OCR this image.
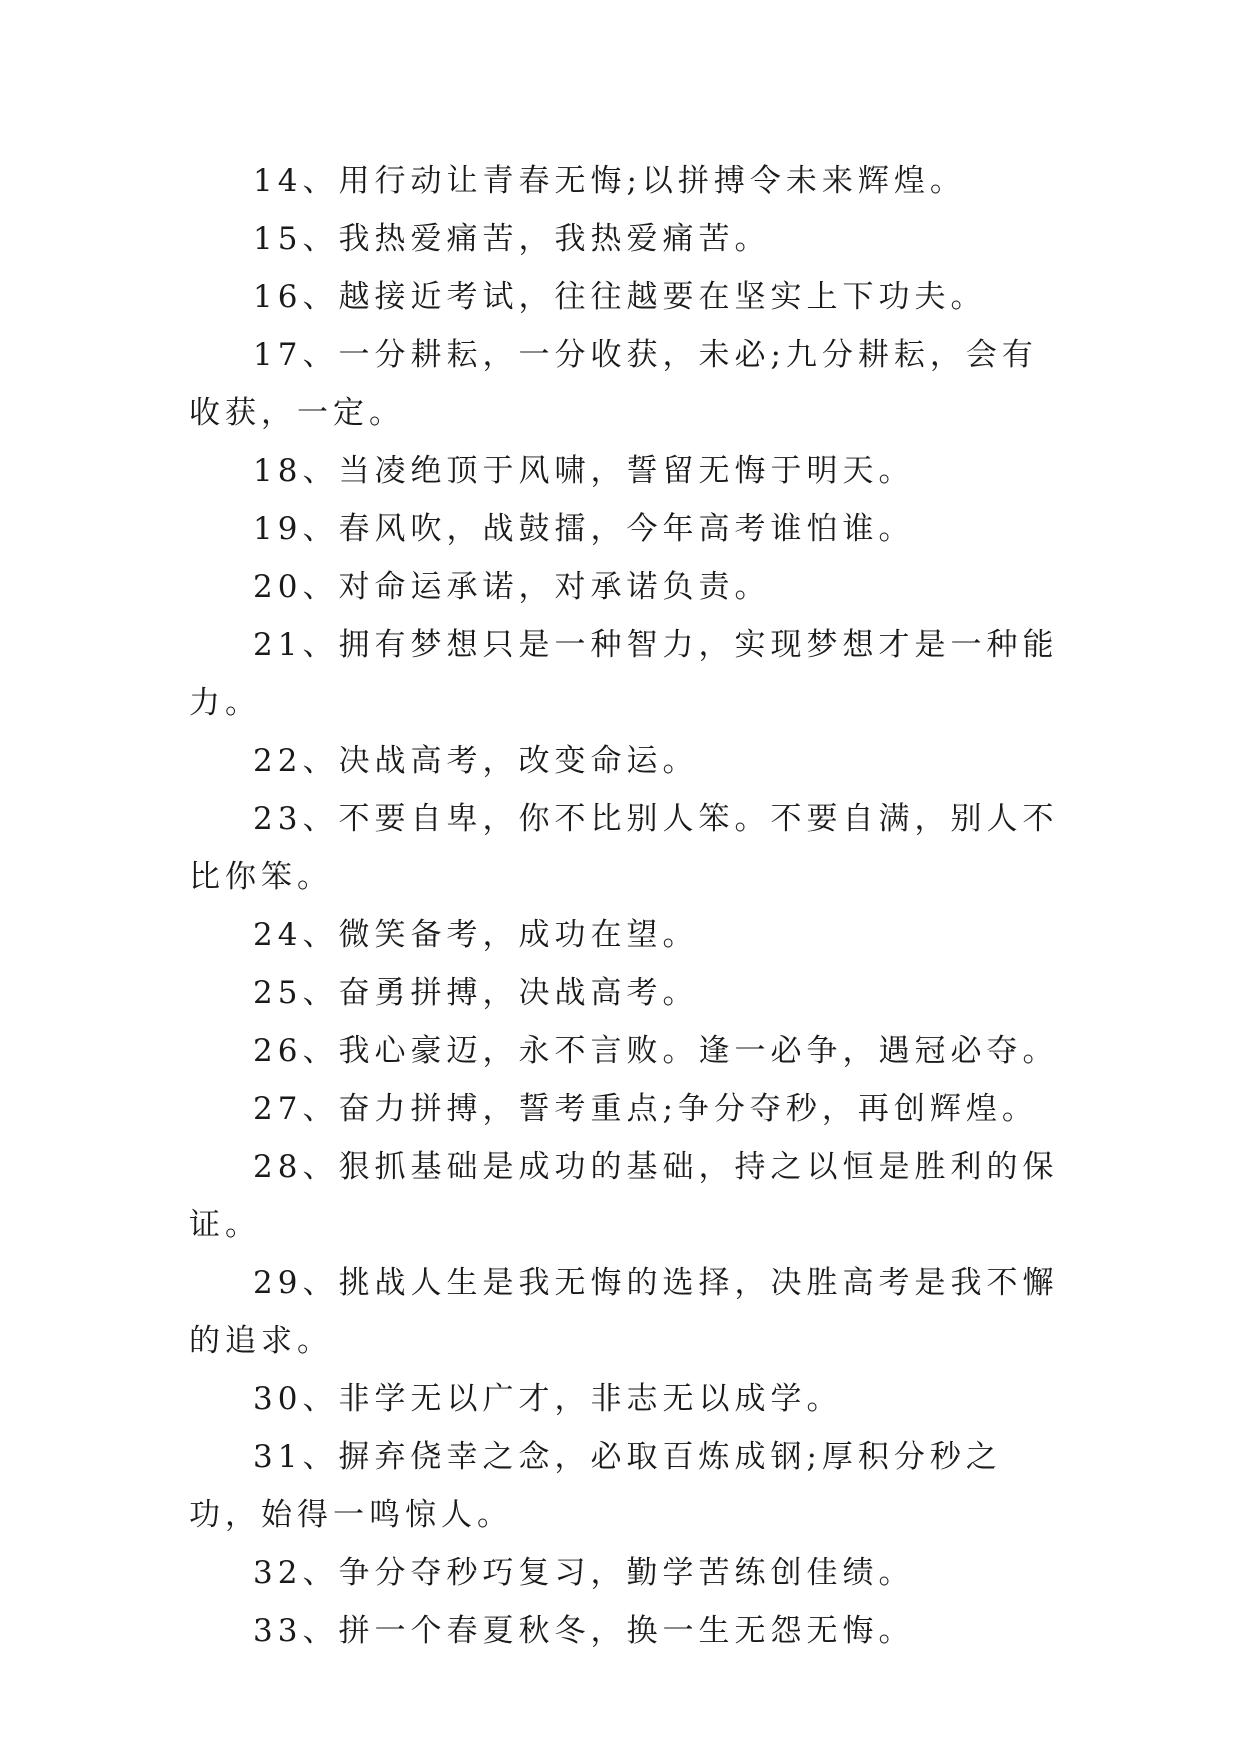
14、用行动让青春无悔;以拼搏令未来辉煌。

15、我热爱痛苦，我热爱痛苦。

16、越接近考试，往往越要在坚实上下功夫。

17、一分耕耘，一分收获，未必;九分耕耘，会有收获，一定。

18、当凌绝顶于风啸，誓留无悔于明天。

19、春风吹，战鼓擂，今年高考谁怕谁。

20、对命运承诺，对承诺负责。

21、拥有梦想只是一种智力，实现梦想才是一种能力。

22、决战高考，改变命运。

23、不要自卑，你不比别人笨。不要自满，别人不比你笨。

24、微笑备考，成功在望。

25、奋勇拼搏，决战高考。

26、我心豪迈，永不言败。逢一必争，遇冠必夺。

27、奋力拼搏，誓考重点;争分夺秒，再创辉煌。

28、狠抓基础是成功的基础，持之以恒是胜利的保证。

29、挑战人生是我无悔的选择，决胜高考是我不懈的追求。

30、非学无以广才，非志无以成学。

31、摒弃侥幸之念，必取百炼成钢;厚积分秒之功，始得一鸣惊人。

32、争分夺秒巧复习，勤学苦练创佳绩。

33、拼一个春夏秋冬，换一生无怨无悔。
